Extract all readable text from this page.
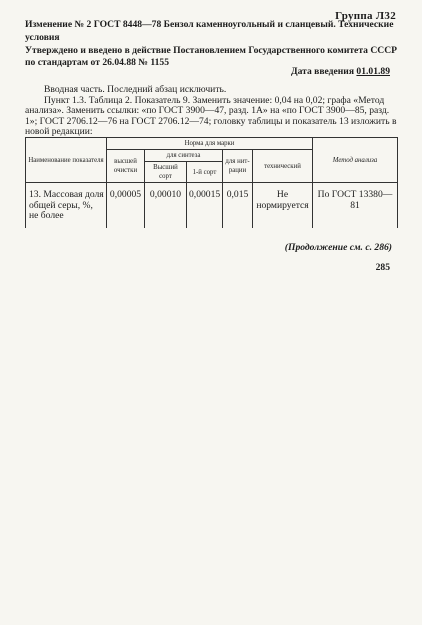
Группа Л32
Изменение № 2 ГОСТ 8448—78 Бензол каменноугольный и сланцевый. Технические условия
Утверждено и введено в действие Постановлением Государственного комитета СССР по стандартам от 26.04.88 № 1155
Дата введения 01.01.89

Вводная часть. Последний абзац исключить.

Пункт 1.3. Таблица 2. Показатель 9. Заменить значение: 0,04 на 0,02; графа «Метод анализа». Заменить ссылки: «по ГОСТ 3900—47, разд. 1А» на «по ГОСТ 3900—85, разд. 1»; ГОСТ 2706.12—76 на ГОСТ 2706.12—74; головку таблицы и показатель 13 изложить в новой редакции:

Наименование показателя	Норма для марки					Метод анализа
	высшей очистки	для синтеза		для нит-рации	технический	
		Высший сорт	1-й сорт			
13. Массовая доля общей серы, %, не более	0,00005	0,00010	0,00015	0,015	Не нормируется	По ГОСТ 13380—81
(Продолжение см. с. 286)
285
